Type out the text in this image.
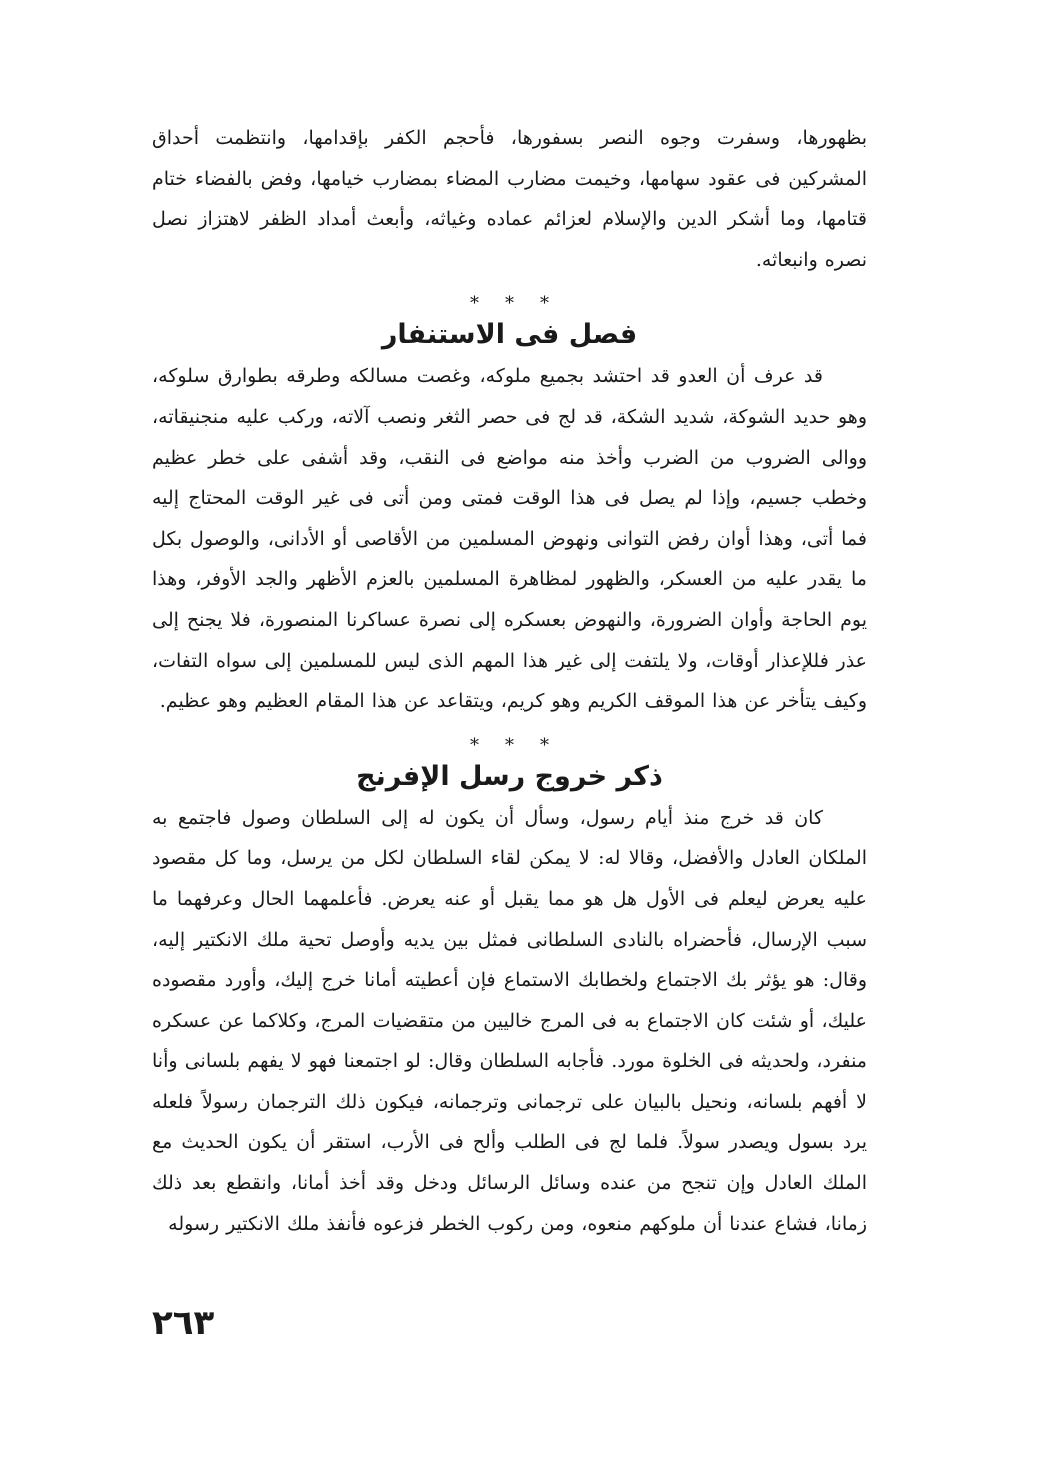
بظهورها، وسفرت وجوه النصر بسفورها، فأحجم الكفر بإقدامها، وانتظمت أحداق المشركين فى عقود سهامها، وخيمت مضارب المضاء بمضارب خيامها، وفض بالفضاء ختام قتامها، وما أشكر الدين والإسلام لعزائم عماده وغياثه، وأبعث أمداد الظفر لاهتزاز نصل نصره وانبعاثه.

***
فصل فى الاستنفار

قد عرف أن العدو قد احتشد بجميع ملوكه، وغصت مسالكه وطرقه بطوارق سلوكه، وهو حديد الشوكة، شديد الشكة، قد لج فى حصر الثغر ونصب آلاته، وركب عليه منجنيقاته، ووالى الضروب من الضرب وأخذ منه مواضع فى النقب، وقد أشفى على خطر عظيم وخطب جسيم، وإذا لم يصل فى هذا الوقت فمتى ومن أتى فى غير الوقت المحتاج إليه فما أتى، وهذا أوان رفض التوانى ونهوض المسلمين من الأقاصى أو الأدانى، والوصول بكل ما يقدر عليه من العسكر، والظهور لمظاهرة المسلمين بالعزم الأظهر والجد الأوفر، وهذا يوم الحاجة وأوان الضرورة، والنهوض بعسكره إلى نصرة عساكرنا المنصورة، فلا يجنح إلى عذر فللإعذار أوقات، ولا يلتفت إلى غير هذا المهم الذى ليس للمسلمين إلى سواه التفات، وكيف يتأخر عن هذا الموقف الكريم وهو كريم، ويتقاعد عن هذا المقام العظيم وهو عظيم.

***
ذكر خروج رسل الإفرنج

كان قد خرج منذ أيام رسول، وسأل أن يكون له إلى السلطان وصول فاجتمع به الملكان العادل والأفضل، وقالا له: لا يمكن لقاء السلطان لكل من يرسل، وما كل مقصود عليه يعرض ليعلم فى الأول هل هو مما يقبل أو عنه يعرض. فأعلمهما الحال وعرفهما ما سبب الإرسال، فأحضراه بالنادى السلطانى فمثل بين يديه وأوصل تحية ملك الانكتير إليه، وقال: هو يؤثر بك الاجتماع ولخطابك الاستماع فإن أعطيته أمانا خرج إليك، وأورد مقصوده عليك، أو شئت كان الاجتماع به فى المرج خاليين من متقضيات المرج، وكلاكما عن عسكره منفرد، ولحديثه فى الخلوة مورد. فأجابه السلطان وقال: لو اجتمعنا فهو لا يفهم بلسانى وأنا لا أفهم بلسانه، ونحيل بالبيان على ترجمانى وترجمانه، فيكون ذلك الترجمان رسولاً فلعله يرد بسول ويصدر سولاً. فلما لج فى الطلب وألح فى الأرب، استقر أن يكون الحديث مع الملك العادل وإن تنجح من عنده وسائل الرسائل ودخل وقد أخذ أمانا، وانقطع بعد ذلك زمانا، فشاع عندنا أن ملوكهم منعوه، ومن ركوب الخطر فزعوه فأنفذ ملك الانكتير رسوله

٢٦٣
